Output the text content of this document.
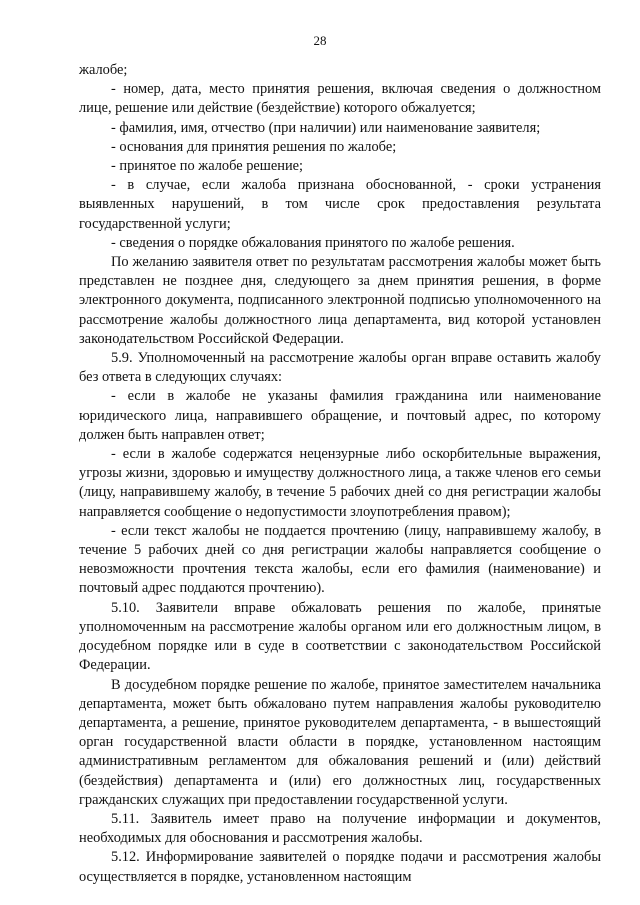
28

жалобе;

- номер, дата, место принятия решения, включая сведения о должностном лице, решение или действие (бездействие) которого обжалуется;

- фамилия, имя, отчество (при наличии) или наименование заявителя;

- основания для принятия решения по жалобе;

- принятое по жалобе решение;

- в случае, если жалоба признана обоснованной, - сроки устранения выявленных нарушений, в том числе срок предоставления результата государственной услуги;

- сведения о порядке обжалования принятого по жалобе решения.

По желанию заявителя ответ по результатам рассмотрения жалобы может быть представлен не позднее дня, следующего за днем принятия решения, в форме электронного документа, подписанного электронной подписью уполномоченного на рассмотрение жалобы должностного лица департамента, вид которой установлен законодательством Российской Федерации.

5.9. Уполномоченный на рассмотрение жалобы орган вправе оставить жалобу без ответа в следующих случаях:

- если в жалобе не указаны фамилия гражданина или наименование юридического лица, направившего обращение, и почтовый адрес, по которому должен быть направлен ответ;

- если в жалобе содержатся нецензурные либо оскорбительные выражения, угрозы жизни, здоровью и имуществу должностного лица, а также членов его семьи (лицу, направившему жалобу, в течение 5 рабочих дней со дня регистрации жалобы направляется сообщение о недопустимости злоупотребления правом);

- если текст жалобы не поддается прочтению (лицу, направившему жалобу, в течение 5 рабочих дней со дня регистрации жалобы направляется сообщение о невозможности прочтения текста жалобы, если его фамилия (наименование) и почтовый адрес поддаются прочтению).

5.10. Заявители вправе обжаловать решения по жалобе, принятые уполномоченным на рассмотрение жалобы органом или его должностным лицом, в досудебном порядке или в суде в соответствии с законодательством Российской Федерации.

В досудебном порядке решение по жалобе, принятое заместителем начальника департамента, может быть обжаловано путем направления жалобы руководителю департамента, а решение, принятое руководителем департамента, - в вышестоящий орган государственной власти области в порядке, установленном настоящим административным регламентом для обжалования решений и (или) действий (бездействия) департамента и (или) его должностных лиц, государственных гражданских служащих при предоставлении государственной услуги.

5.11. Заявитель имеет право на получение информации и документов, необходимых для обоснования и рассмотрения жалобы.

5.12. Информирование заявителей о порядке подачи и рассмотрения жалобы осуществляется в порядке, установленном настоящим
